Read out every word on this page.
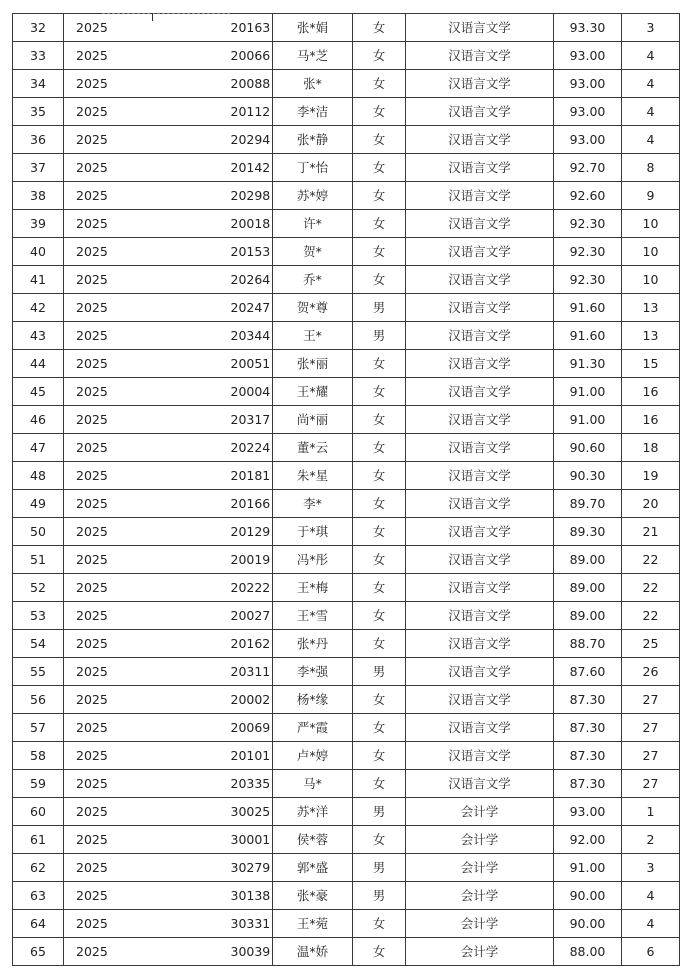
32	2025		20163	张*娟	女	汉语言文学	93.30	3
33	2025		20066	马*芝	女	汉语言文学	93.00	4
34	2025		20088	张*	女	汉语言文学	93.00	4
35	2025		20112	李*洁	女	汉语言文学	93.00	4
36	2025		20294	张*静	女	汉语言文学	93.00	4
37	2025		20142	丁*怡	女	汉语言文学	92.70	8
38	2025		20298	苏*婷	女	汉语言文学	92.60	9
39	2025		20018	许*	女	汉语言文学	92.30	10
40	2025		20153	贺*	女	汉语言文学	92.30	10
41	2025		20264	乔*	女	汉语言文学	92.30	10
42	2025		20247	贺*尊	男	汉语言文学	91.60	13
43	2025		20344	王*	男	汉语言文学	91.60	13
44	2025		20051	张*丽	女	汉语言文学	91.30	15
45	2025		20004	王*耀	女	汉语言文学	91.00	16
46	2025		20317	尚*丽	女	汉语言文学	91.00	16
47	2025		20224	董*云	女	汉语言文学	90.60	18
48	2025		20181	朱*星	女	汉语言文学	90.30	19
49	2025		20166	李*	女	汉语言文学	89.70	20
50	2025		20129	于*琪	女	汉语言文学	89.30	21
51	2025		20019	冯*彤	女	汉语言文学	89.00	22
52	2025		20222	王*梅	女	汉语言文学	89.00	22
53	2025		20027	王*雪	女	汉语言文学	89.00	22
54	2025		20162	张*丹	女	汉语言文学	88.70	25
55	2025		20311	李*强	男	汉语言文学	87.60	26
56	2025		20002	杨*缘	女	汉语言文学	87.30	27
57	2025		20069	严*霞	女	汉语言文学	87.30	27
58	2025		20101	卢*婷	女	汉语言文学	87.30	27
59	2025		20335	马*	女	汉语言文学	87.30	27
60	2025		30025	苏*洋	男	会计学	93.00	1
61	2025		30001	侯*蓉	女	会计学	92.00	2
62	2025		30279	郭*盛	男	会计学	91.00	3
63	2025		30138	张*豪	男	会计学	90.00	4
64	2025		30331	王*菀	女	会计学	90.00	4
65	2025		30039	温*娇	女	会计学	88.00	6
